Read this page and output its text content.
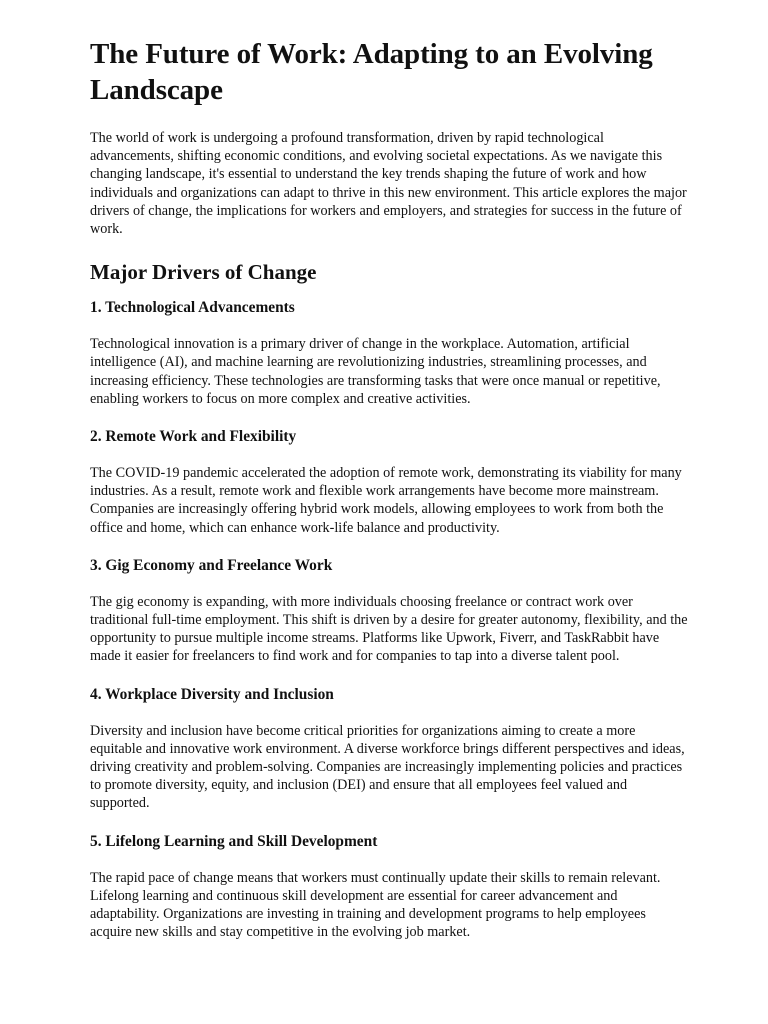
The Future of Work: Adapting to an Evolving Landscape

The world of work is undergoing a profound transformation, driven by rapid technological advancements, shifting economic conditions, and evolving societal expectations. As we navigate this changing landscape, it's essential to understand the key trends shaping the future of work and how individuals and organizations can adapt to thrive in this new environment. This article explores the major drivers of change, the implications for workers and employers, and strategies for success in the future of work.

Major Drivers of Change
1. Technological Advancements

Technological innovation is a primary driver of change in the workplace. Automation, artificial intelligence (AI), and machine learning are revolutionizing industries, streamlining processes, and increasing efficiency. These technologies are transforming tasks that were once manual or repetitive, enabling workers to focus on more complex and creative activities.

2. Remote Work and Flexibility

The COVID-19 pandemic accelerated the adoption of remote work, demonstrating its viability for many industries. As a result, remote work and flexible work arrangements have become more mainstream. Companies are increasingly offering hybrid work models, allowing employees to work from both the office and home, which can enhance work-life balance and productivity.

3. Gig Economy and Freelance Work

The gig economy is expanding, with more individuals choosing freelance or contract work over traditional full-time employment. This shift is driven by a desire for greater autonomy, flexibility, and the opportunity to pursue multiple income streams. Platforms like Upwork, Fiverr, and TaskRabbit have made it easier for freelancers to find work and for companies to tap into a diverse talent pool.

4. Workplace Diversity and Inclusion

Diversity and inclusion have become critical priorities for organizations aiming to create a more equitable and innovative work environment. A diverse workforce brings different perspectives and ideas, driving creativity and problem-solving. Companies are increasingly implementing policies and practices to promote diversity, equity, and inclusion (DEI) and ensure that all employees feel valued and supported.

5. Lifelong Learning and Skill Development

The rapid pace of change means that workers must continually update their skills to remain relevant. Lifelong learning and continuous skill development are essential for career advancement and adaptability. Organizations are investing in training and development programs to help employees acquire new skills and stay competitive in the evolving job market.
